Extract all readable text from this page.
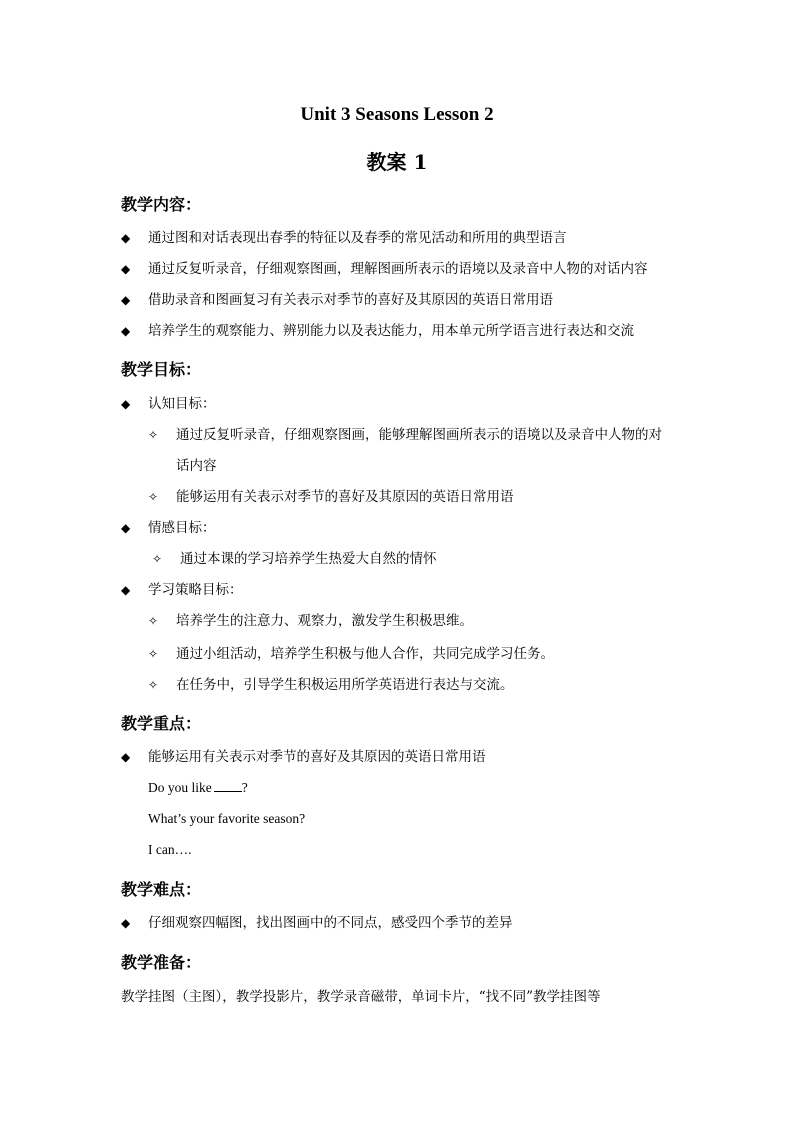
Unit 3 Seasons Lesson 2
教案 1
教学内容：
◆ 通过图和对话表现出春季的特征以及春季的常见活动和所用的典型语言
◆ 通过反复听录音，仔细观察图画，理解图画所表示的语境以及录音中人物的对话内容
◆ 借助录音和图画复习有关表示对季节的喜好及其原因的英语日常用语
◆ 培养学生的观察能力、辨别能力以及表达能力，用本单元所学语言进行表达和交流
教学目标：
◆ 认知目标：
✧ 通过反复听录音，仔细观察图画，能够理解图画所表示的语境以及录音中人物的对
话内容
✧ 能够运用有关表示对季节的喜好及其原因的英语日常用语
◆ 情感目标：
✧ 通过本课的学习培养学生热爱大自然的情怀
◆ 学习策略目标：
✧ 培养学生的注意力、观察力，激发学生积极思维。
✧ 通过小组活动，培养学生积极与他人合作，共同完成学习任务。
✧ 在任务中，引导学生积极运用所学英语进行表达与交流。
教学重点：
◆ 能够运用有关表示对季节的喜好及其原因的英语日常用语
Do you like ?
What’s your favorite season?
I can….
教学难点：
◆ 仔细观察四幅图，找出图画中的不同点，感受四个季节的差异
教学准备：
教学挂图（主图），教学投影片，教学录音磁带，单词卡片，“找不同”教学挂图等
